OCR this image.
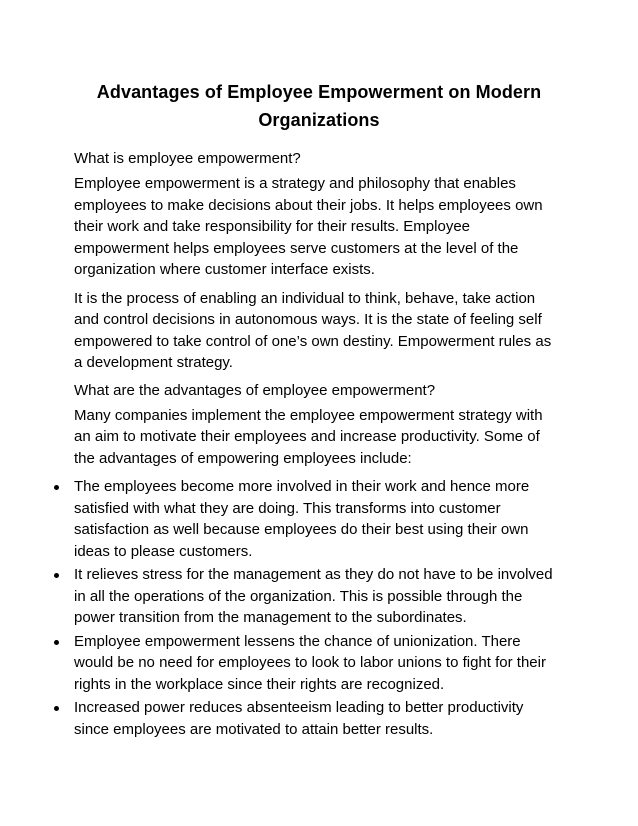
Advantages of Employee Empowerment on Modern Organizations

What is employee empowerment?

Employee empowerment is a strategy and philosophy that enables employees to make decisions about their jobs. It helps employees own their work and take responsibility for their results. Employee empowerment helps employees serve customers at the level of the organization where customer interface exists.

It is the process of enabling an individual to think, behave, take action and control decisions in autonomous ways. It is the state of feeling self empowered to take control of one’s own destiny. Empowerment rules as a development strategy.

What are the advantages of employee empowerment?

Many companies implement the employee empowerment strategy with an aim to motivate their employees and increase productivity. Some of the advantages of empowering employees include:

The employees become more involved in their work and hence more satisfied with what they are doing. This transforms into customer satisfaction as well because employees do their best using their own ideas to please customers.
It relieves stress for the management as they do not have to be involved in all the operations of the organization. This is possible through the power transition from the management to the subordinates.
Employee empowerment lessens the chance of unionization. There would be no need for employees to look to labor unions to fight for their rights in the workplace since their rights are recognized.
Increased power reduces absenteeism leading to better productivity since employees are motivated to attain better results.
